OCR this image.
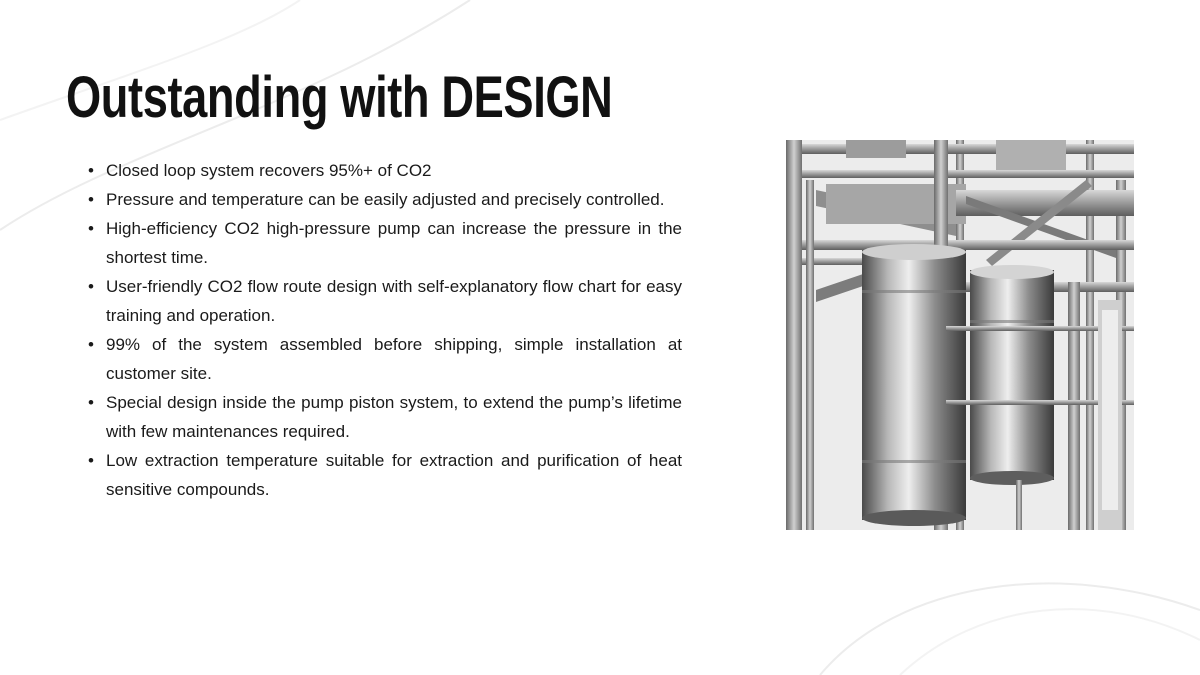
Outstanding with DESIGN
• Closed loop system recovers 95%+ of CO2
• Pressure and temperature can be easily adjusted and precisely controlled.
• High-efficiency CO2 high-pressure pump can increase the pressure in the shortest time.
• User-friendly CO2 flow route design with self-explanatory flow chart for easy training and operation.
• 99% of the system assembled before shipping, simple installation at customer site.
• Special design inside the pump piston system, to extend the pump’s lifetime with few maintenances required.
• Low extraction temperature suitable for extraction and purification of heat sensitive compounds.
